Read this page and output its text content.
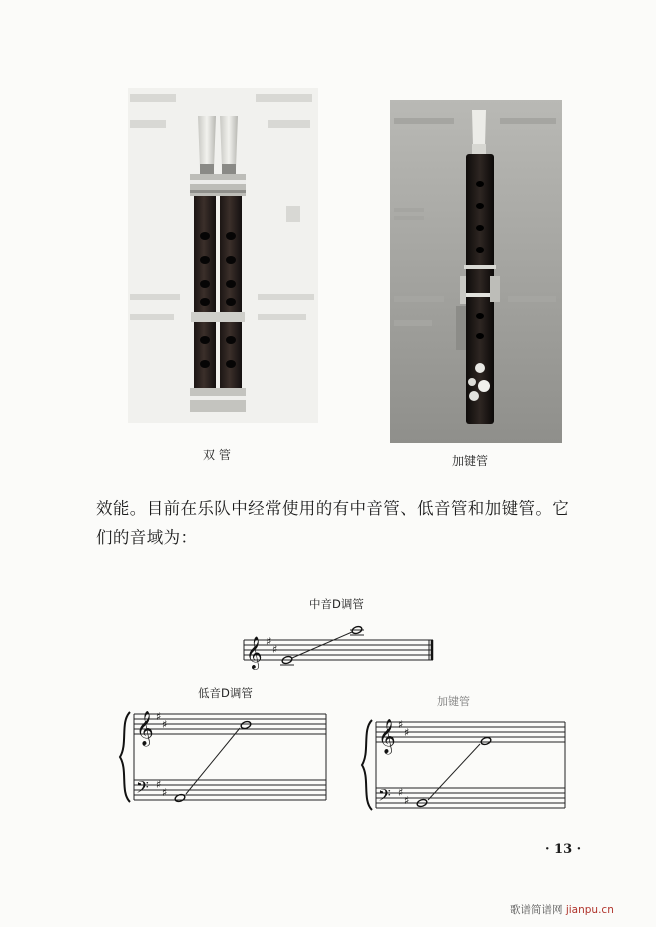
双 管	加键管
效能。目前在乐队中经常使用的有中音管、低音管和加键管。它
们的音域为：
中音D调管
𝄞 ♯
♯
低音D调管
𝄞 ♯
♯
𝄢 ♯
♯
加键管
𝄞 ♯
♯
𝄢 ♯
♯
· 13 ·
歌谱简谱网 jianpu.cn
